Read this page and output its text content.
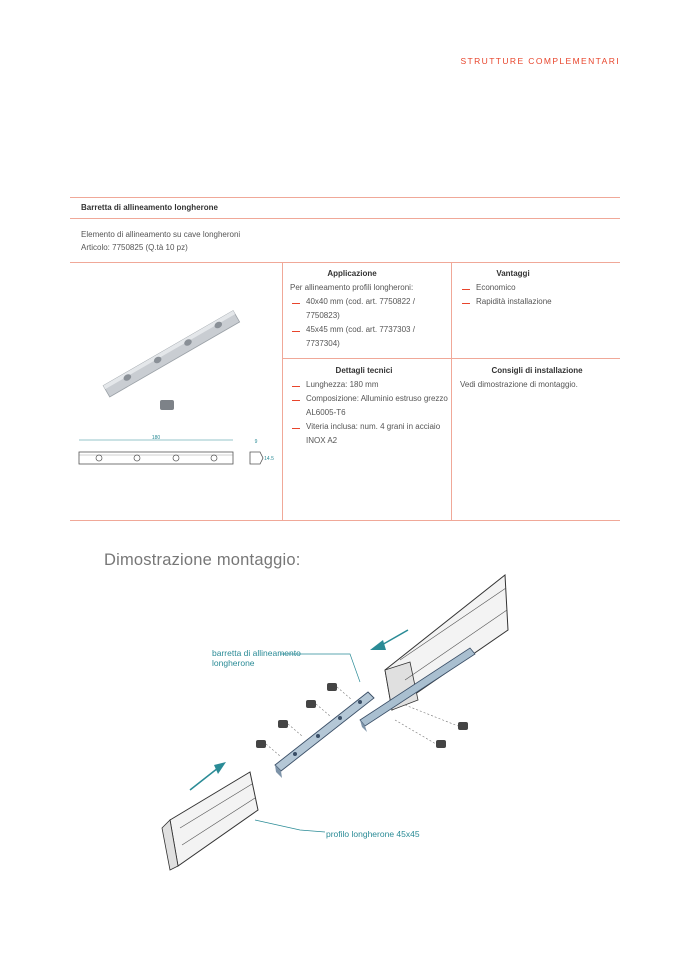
STRUTTURE COMPLEMENTARI
Barretta di allineamento longherone
Elemento di allineamento su cave longheroni
Articolo: 7750825 (Q.tà 10 pz)
Applicazione
Per allineamento profili longheroni:
40x40 mm (cod. art. 7750822 / 7750823)
45x45 mm (cod. art. 7737303 / 7737304)
Vantaggi
Economico
Rapidità installazione
Dettagli tecnici
Lunghezza: 180 mm
Composizione: Alluminio estruso grezzo AL6005-T6
Viteria inclusa: num. 4 grani in acciaio INOX A2
Consigli di installazione
Vedi dimostrazione di montaggio.
180
9
14.5
Dimostrazione montaggio:
barretta di allineamento
longherone
profilo longherone 45x45
